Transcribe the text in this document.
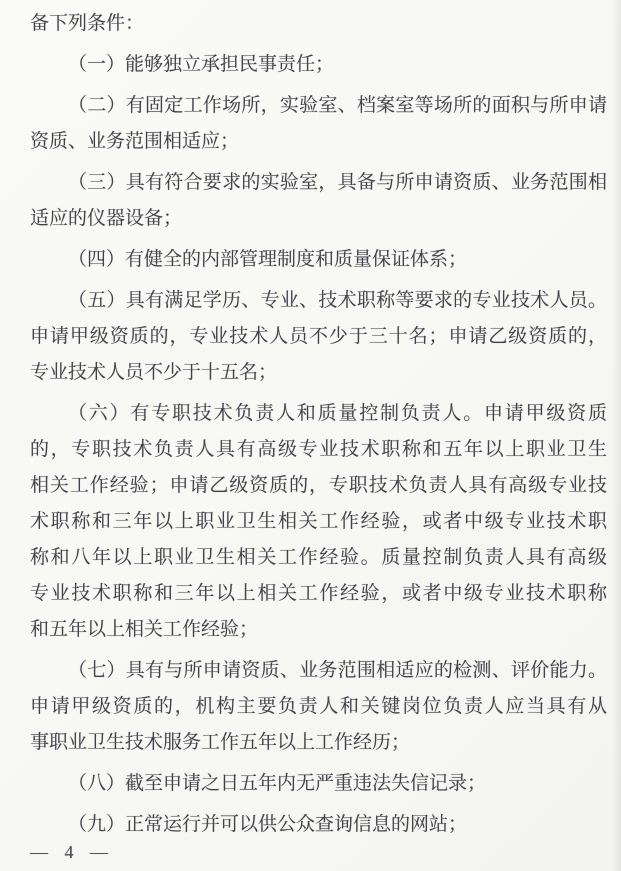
备下列条件：
（一）能够独立承担民事责任；
（二）有固定工作场所，实验室、档案室等场所的面积与所申请
资质、业务范围相适应；
（三）具有符合要求的实验室，具备与所申请资质、业务范围相
适应的仪器设备；
（四）有健全的内部管理制度和质量保证体系；
（五）具有满足学历、专业、技术职称等要求的专业技术人员。
申请甲级资质的，专业技术人员不少于三十名；申请乙级资质的，
专业技术人员不少于十五名；
（六）有专职技术负责人和质量控制负责人。申请甲级资质
的，专职技术负责人具有高级专业技术职称和五年以上职业卫生
相关工作经验；申请乙级资质的，专职技术负责人具有高级专业技
术职称和三年以上职业卫生相关工作经验，或者中级专业技术职
称和八年以上职业卫生相关工作经验。质量控制负责人具有高级
专业技术职称和三年以上相关工作经验，或者中级专业技术职称
和五年以上相关工作经验；
（七）具有与所申请资质、业务范围相适应的检测、评价能力。
申请甲级资质的，机构主要负责人和关键岗位负责人应当具有从
事职业卫生技术服务工作五年以上工作经历；
（八）截至申请之日五年内无严重违法失信记录；
（九）正常运行并可以供公众查询信息的网站；
— 4 —
